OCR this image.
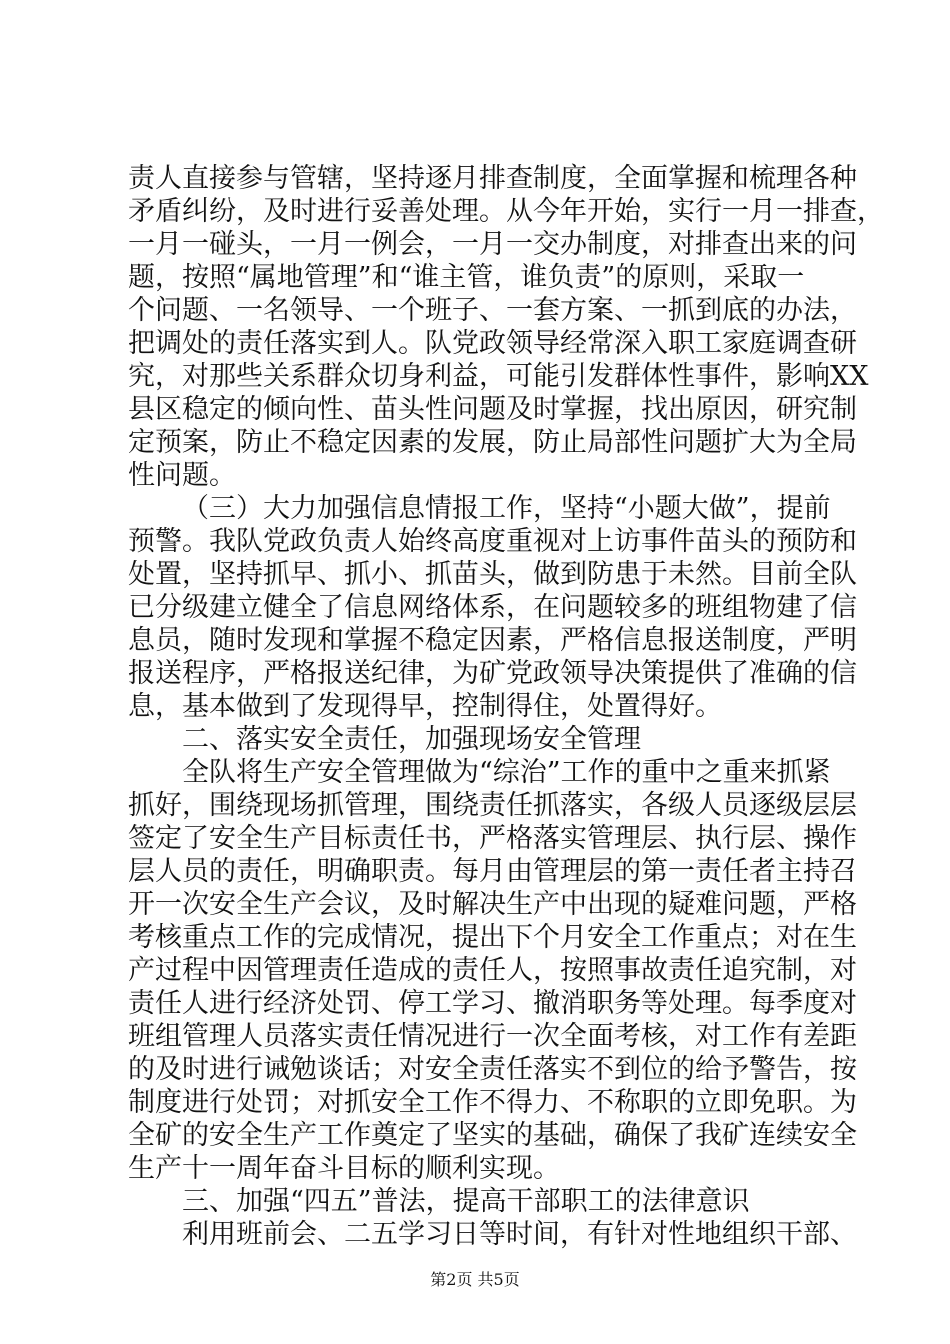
责人直接参与管辖，坚持逐月排查制度，全面掌握和梳理各种
矛盾纠纷，及时进行妥善处理。从今年开始，实行一月一排查，
一月一碰头，一月一例会，一月一交办制度，对排查出来的问
题，按照“属地管理”和“谁主管，谁负责”的原则，采取一
个问题、一名领导、一个班子、一套方案、一抓到底的办法，
把调处的责任落实到人。队党政领导经常深入职工家庭调查研
究，对那些关系群众切身利益，可能引发群体性事件，影响XX
县区稳定的倾向性、苗头性问题及时掌握，找出原因，研究制
定预案，防止不稳定因素的发展，防止局部性问题扩大为全局
性问题。
（三）大力加强信息情报工作，坚持“小题大做”，提前
预警。我队党政负责人始终高度重视对上访事件苗头的预防和
处置，坚持抓早、抓小、抓苗头，做到防患于未然。目前全队
已分级建立健全了信息网络体系，在问题较多的班组物建了信
息员，随时发现和掌握不稳定因素，严格信息报送制度，严明
报送程序，严格报送纪律，为矿党政领导决策提供了准确的信
息，基本做到了发现得早，控制得住，处置得好。
二、落实安全责任，加强现场安全管理
全队将生产安全管理做为“综治”工作的重中之重来抓紧
抓好，围绕现场抓管理，围绕责任抓落实，各级人员逐级层层
签定了安全生产目标责任书，严格落实管理层、执行层、操作
层人员的责任，明确职责。每月由管理层的第一责任者主持召
开一次安全生产会议，及时解决生产中出现的疑难问题，严格
考核重点工作的完成情况，提出下个月安全工作重点；对在生
产过程中因管理责任造成的责任人，按照事故责任追究制，对
责任人进行经济处罚、停工学习、撤消职务等处理。每季度对
班组管理人员落实责任情况进行一次全面考核，对工作有差距
的及时进行诫勉谈话；对安全责任落实不到位的给予警告，按
制度进行处罚；对抓安全工作不得力、不称职的立即免职。为
全矿的安全生产工作奠定了坚实的基础，确保了我矿连续安全
生产十一周年奋斗目标的顺利实现。
三、加强“四五”普法，提高干部职工的法律意识
利用班前会、二五学习日等时间，有针对性地组织干部、
第2页 共5页
